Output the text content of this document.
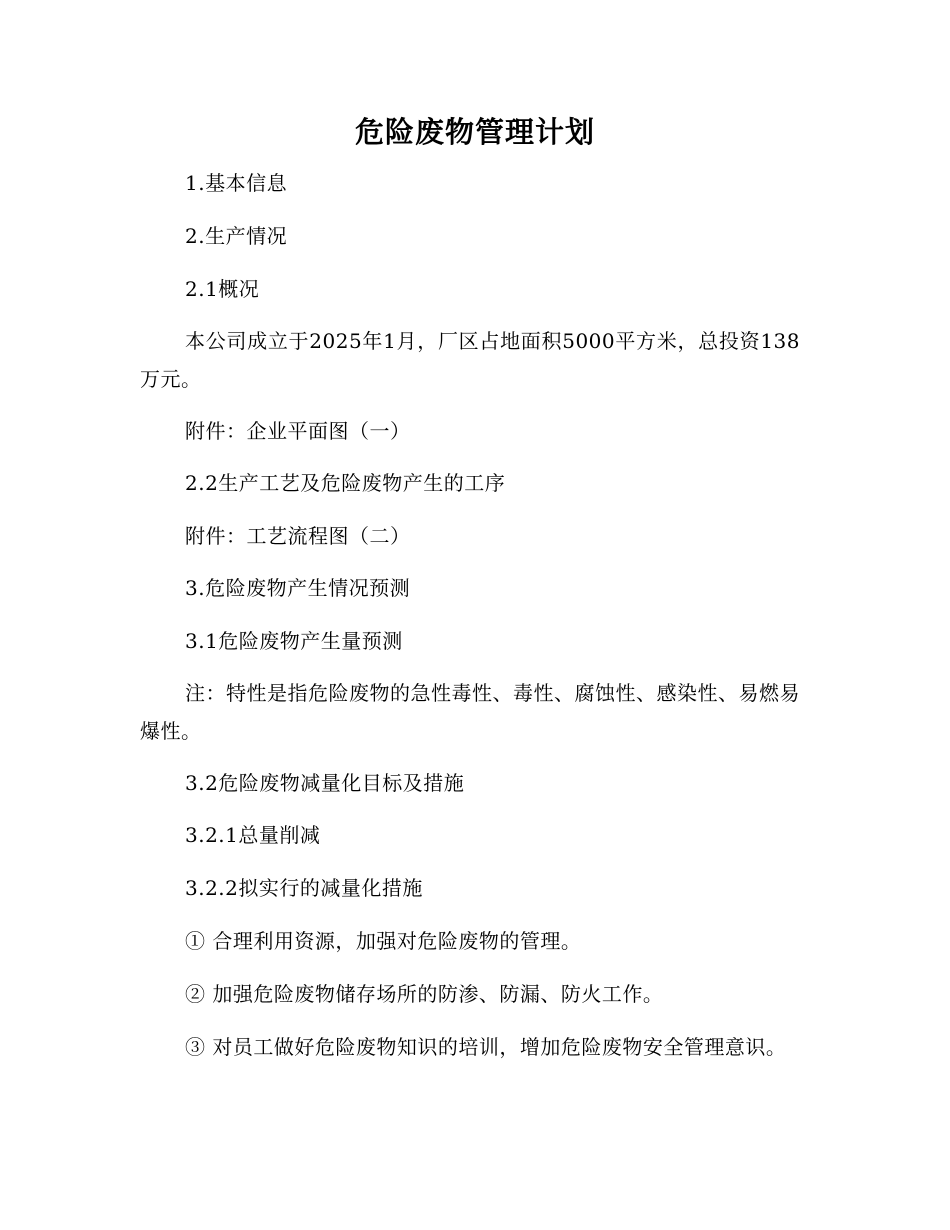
危险废物管理计划

1.基本信息

2.生产情况

2.1概况

本公司成立于2025年1月，厂区占地面积5000平方米，总投资138万元。

附件：企业平面图（一）

2.2生产工艺及危险废物产生的工序

附件：工艺流程图（二）

3.危险废物产生情况预测

3.1危险废物产生量预测

注：特性是指危险废物的急性毒性、毒性、腐蚀性、感染性、易燃易爆性。

3.2危险废物减量化目标及措施

3.2.1总量削减

3.2.2拟实行的减量化措施

① 合理利用资源，加强对危险废物的管理。

② 加强危险废物储存场所的防渗、防漏、防火工作。

③ 对员工做好危险废物知识的培训，增加危险废物安全管理意识。
